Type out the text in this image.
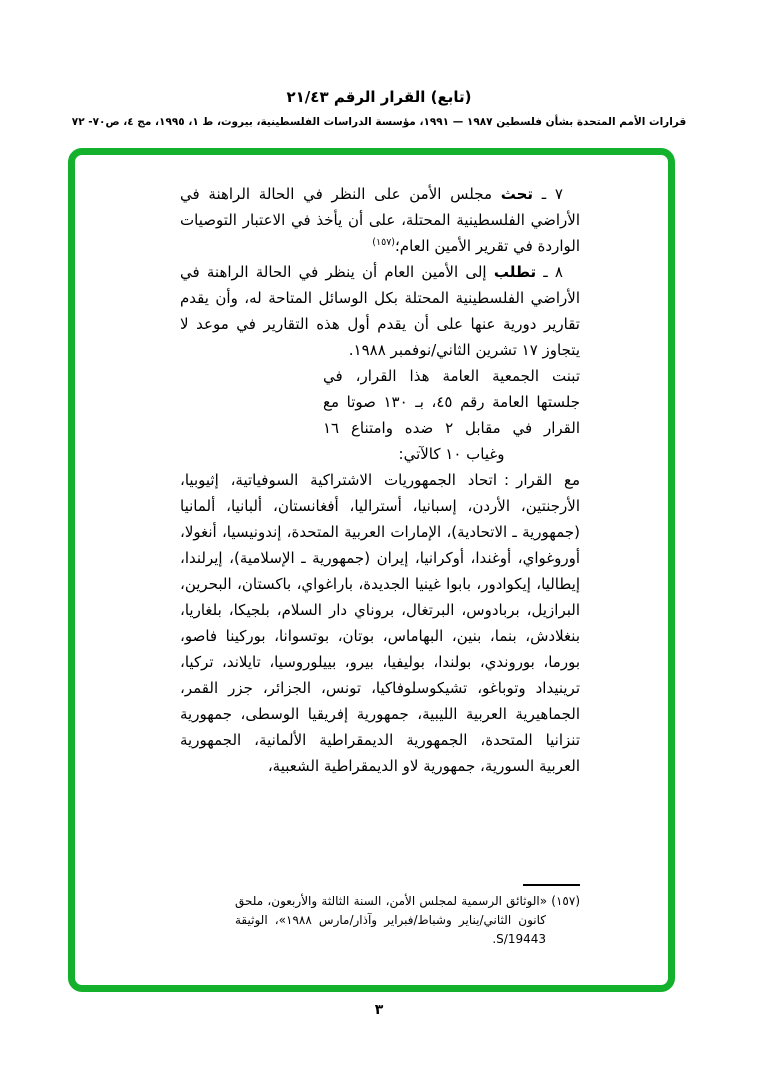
(تابع) القرار الرقم ٢١/٤٣
قرارات الأمم المتحدة بشأن فلسطين ١٩٨٧ — ١٩٩١، مؤسسة الدراسات الفلسطينية، بيروت، ط ١، ١٩٩٥، مج ٤، ص٧٠- ٧٢

٧ ـ تحث مجلس الأمن على النظر في الحالة الراهنة في الأراضي الفلسطينية المحتلة، على أن يأخذ في الاعتبار التوصيات الواردة في تقرير الأمين العام؛$^{(١٥٧)}$

٨ ـ تطلب إلى الأمين العام أن ينظر في الحالة الراهنة في الأراضي الفلسطينية المحتلة بكل الوسائل المتاحة له، وأن يقدم تقارير دورية عنها على أن يقدم أول هذه التقارير في موعد لا يتجاوز ١٧ تشرين الثاني/نوفمبر ١٩٨٨.

تبنت الجمعية العامة هذا القرار، في جلستها العامة رقم ٤٥، بـ ١٣٠ صوتا مع القرار في مقابل ٢ ضده وامتناع ١٦ وغياب ١٠ كالآتي:

مع القرار:اتحاد الجمهوريات الاشتراكية السوفياتية، إثيوبيا، الأرجنتين، الأردن، إسبانيا، أستراليا، أفغانستان، ألبانيا، ألمانيا (جمهورية ـ الاتحادية)، الإمارات العربية المتحدة، إندونيسيا، أنغولا، أوروغواي، أوغندا، أوكرانيا، إيران (جمهورية ـ الإسلامية)، إيرلندا، إيطاليا، إيكوادور، بابوا غينيا الجديدة، باراغواي، باكستان، البحرين، البرازيل، بربادوس، البرتغال، بروناي دار السلام، بلجيكا، بلغاريا، بنغلادش، بنما، بنين، البهاماس، بوتان، بوتسوانا، بوركينا فاصو، بورما، بوروندي، بولندا، بوليفيا، بيرو، بييلوروسيا، تايلاند، تركيا، ترينيداد وتوباغو، تشيكوسلوفاكيا، تونس، الجزائر، جزر القمر، الجماهيرية العربية الليبية، جمهورية إفريقيا الوسطى، جمهورية تنزانيا المتحدة، الجمهورية الديمقراطية الألمانية، الجمهورية العربية السورية، جمهورية لاو الديمقراطية الشعبية،

(١٥٧) «الوثائق الرسمية لمجلس الأمن، السنة الثالثة والأربعون، ملحق كانون الثاني/يناير وشباط/فبراير وآذار/مارس ١٩٨٨»، الوثيقة S/19443.

٣
